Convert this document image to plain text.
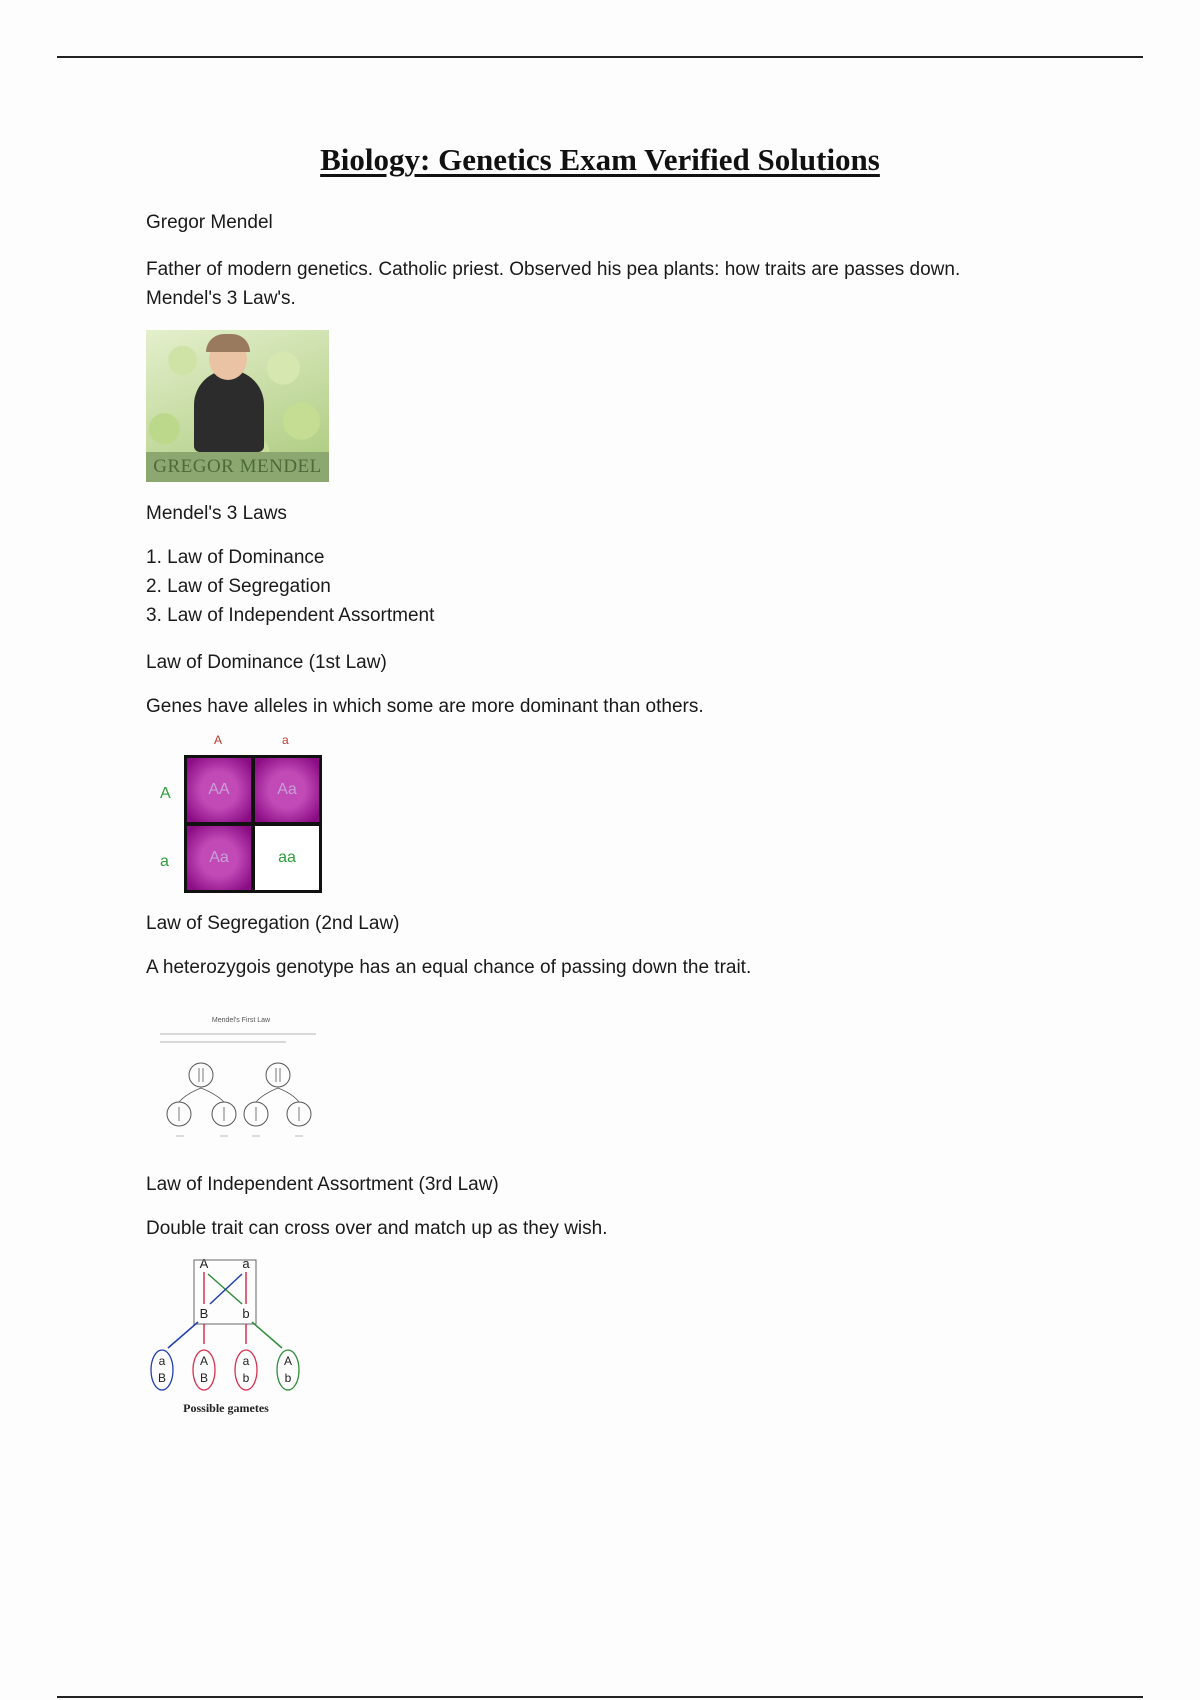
Biology: Genetics Exam Verified Solutions

Gregor Mendel

Father of modern genetics. Catholic priest. Observed his pea plants: how traits are passes down.

Mendel's 3 Law's.

GREGOR MENDEL

Mendel's 3 Laws

1. Law of Dominance

2. Law of Segregation

3. Law of Independent Assortment

Law of Dominance (1st Law)

Genes have alleles in which some are more dominant than others.

A	a
A
a
AA	Aa
Aa	aa

Law of Segregation (2nd Law)

A heterozygois genotype has an equal chance of passing down the trait.

Mendel's First Law

Law of Independent Assortment (3rd Law)

Double trait can cross over and match up as they wish.

A	a
B	b
a
B
A
B
a
b
A
b
Possible gametes
